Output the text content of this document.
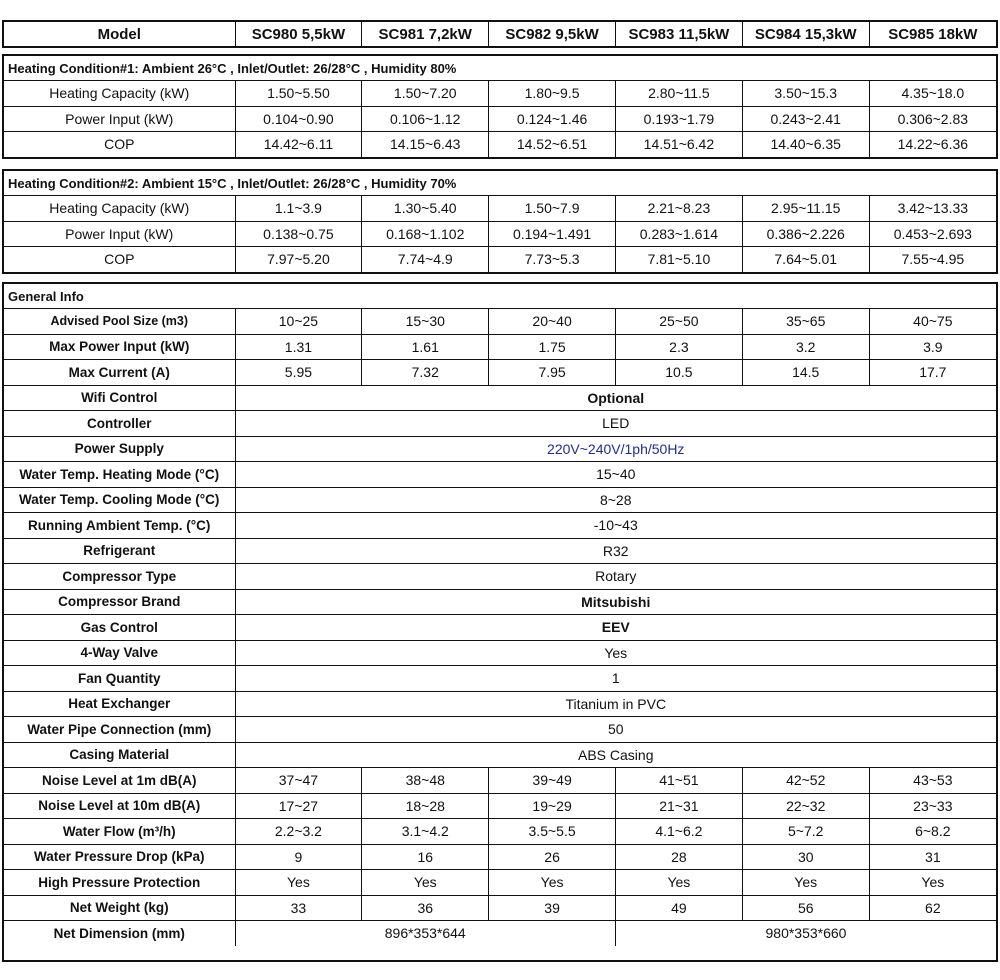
Model	SC980 5,5kW	SC981 7,2kW	SC982 9,5kW	SC983 11,5kW	SC984 15,3kW	SC985 18kW
Heating Condition#1: Ambient 26°C , Inlet/Outlet: 26/28°C , Humidity 80%						
Heating Capacity (kW)	1.50~5.50	1.50~7.20	1.80~9.5	2.80~11.5	3.50~15.3	4.35~18.0
Power Input (kW)	0.104~0.90	0.106~1.12	0.124~1.46	0.193~1.79	0.243~2.41	0.306~2.83
COP	14.42~6.11	14.15~6.43	14.52~6.51	14.51~6.42	14.40~6.35	14.22~6.36
Heating Condition#2: Ambient 15°C , Inlet/Outlet: 26/28°C , Humidity 70%						
Heating Capacity (kW)	1.1~3.9	1.30~5.40	1.50~7.9	2.21~8.23	2.95~11.15	3.42~13.33
Power Input (kW)	0.138~0.75	0.168~1.102	0.194~1.491	0.283~1.614	0.386~2.226	0.453~2.693
COP	7.97~5.20	7.74~4.9	7.73~5.3	7.81~5.10	7.64~5.01	7.55~4.95
General Info						
Advised Pool Size (m3)	10~25	15~30	20~40	25~50	35~65	40~75
Max Power Input (kW)	1.31	1.61	1.75	2.3	3.2	3.9
Max Current (A)	5.95	7.32	7.95	10.5	14.5	17.7
Wifi Control	Optional					
Controller	LED					
Power Supply	220V~240V/1ph/50Hz					
Water Temp. Heating Mode (°C)	15~40					
Water Temp. Cooling Mode (°C)	8~28					
Running Ambient Temp. (°C)	-10~43					
Refrigerant	R32					
Compressor Type	Rotary					
Compressor Brand	Mitsubishi					
Gas Control	EEV					
4-Way Valve	Yes					
Fan Quantity	1					
Heat Exchanger	Titanium in PVC					
Water Pipe Connection (mm)	50					
Casing Material	ABS Casing					
Noise Level at 1m dB(A)	37~47	38~48	39~49	41~51	42~52	43~53
Noise Level at 10m dB(A)	17~27	18~28	19~29	21~31	22~32	23~33
Water Flow (m³/h)	2.2~3.2	3.1~4.2	3.5~5.5	4.1~6.2	5~7.2	6~8.2
Water Pressure Drop (kPa)	9	16	26	28	30	31
High Pressure Protection	Yes	Yes	Yes	Yes	Yes	Yes
Net Weight (kg)	33	36	39	49	56	62
Net Dimension (mm)	896*353*644			980*353*660		
